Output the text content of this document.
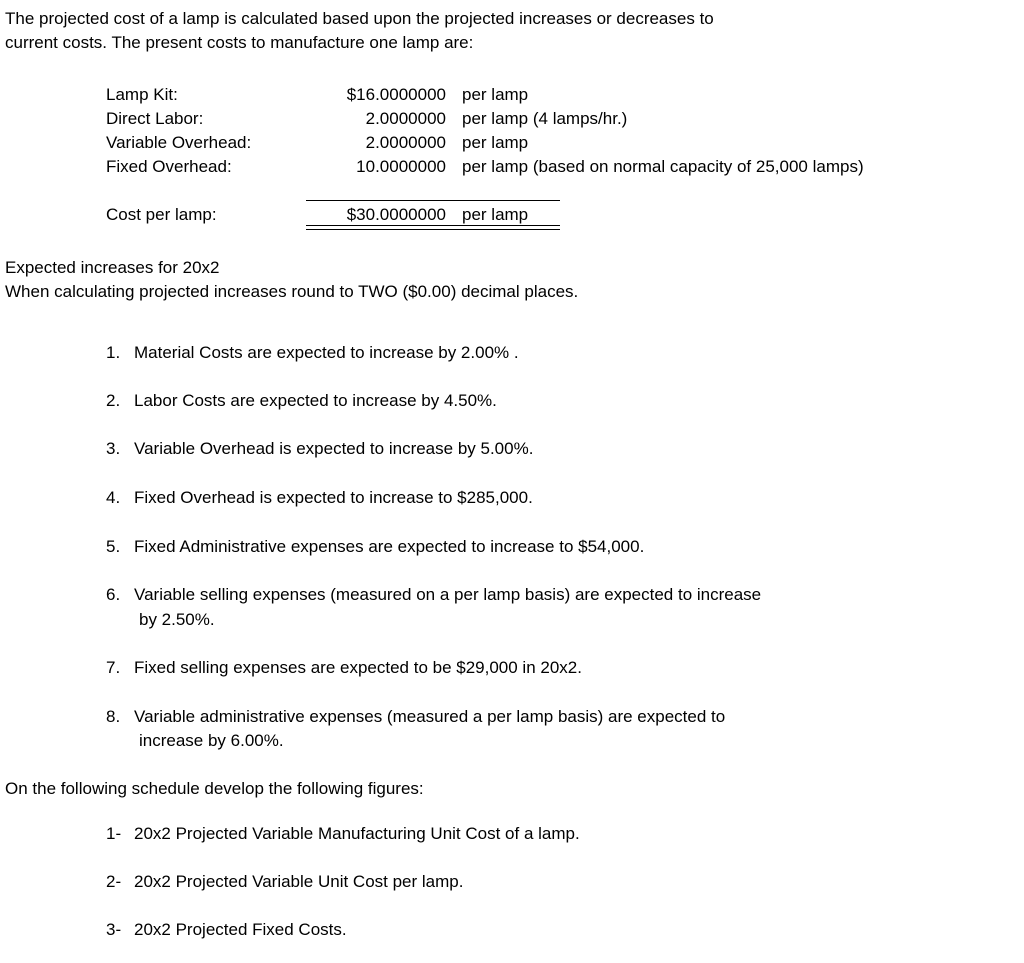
The projected cost of a lamp is calculated based upon the projected increases or decreases to
current costs. The present costs to manufacture one lamp are:
Lamp Kit:	$16.0000000 per lamp
Direct Labor:	2.0000000 per lamp (4 lamps/hr.)
Variable Overhead:	2.0000000 per lamp
Fixed Overhead:	10.0000000 per lamp (based on normal capacity of 25,000 lamps)
Cost per lamp:	$30.0000000 per lamp
Expected increases for 20x2
When calculating projected increases round to TWO ($0.00) decimal places.
1. Material Costs are expected to increase by 2.00% .
2. Labor Costs are expected to increase by 4.50%.
3. Variable Overhead is expected to increase by 5.00%.
4. Fixed Overhead is expected to increase to $285,000.
5. Fixed Administrative expenses are expected to increase to $54,000.
6. Variable selling expenses (measured on a per lamp basis) are expected to increase
by 2.50%.
7. Fixed selling expenses are expected to be $29,000 in 20x2.
8. Variable administrative expenses (measured a per lamp basis) are expected to
increase by 6.00%.
On the following schedule develop the following figures:
1- 20x2 Projected Variable Manufacturing Unit Cost of a lamp.
2- 20x2 Projected Variable Unit Cost per lamp.
3- 20x2 Projected Fixed Costs.
